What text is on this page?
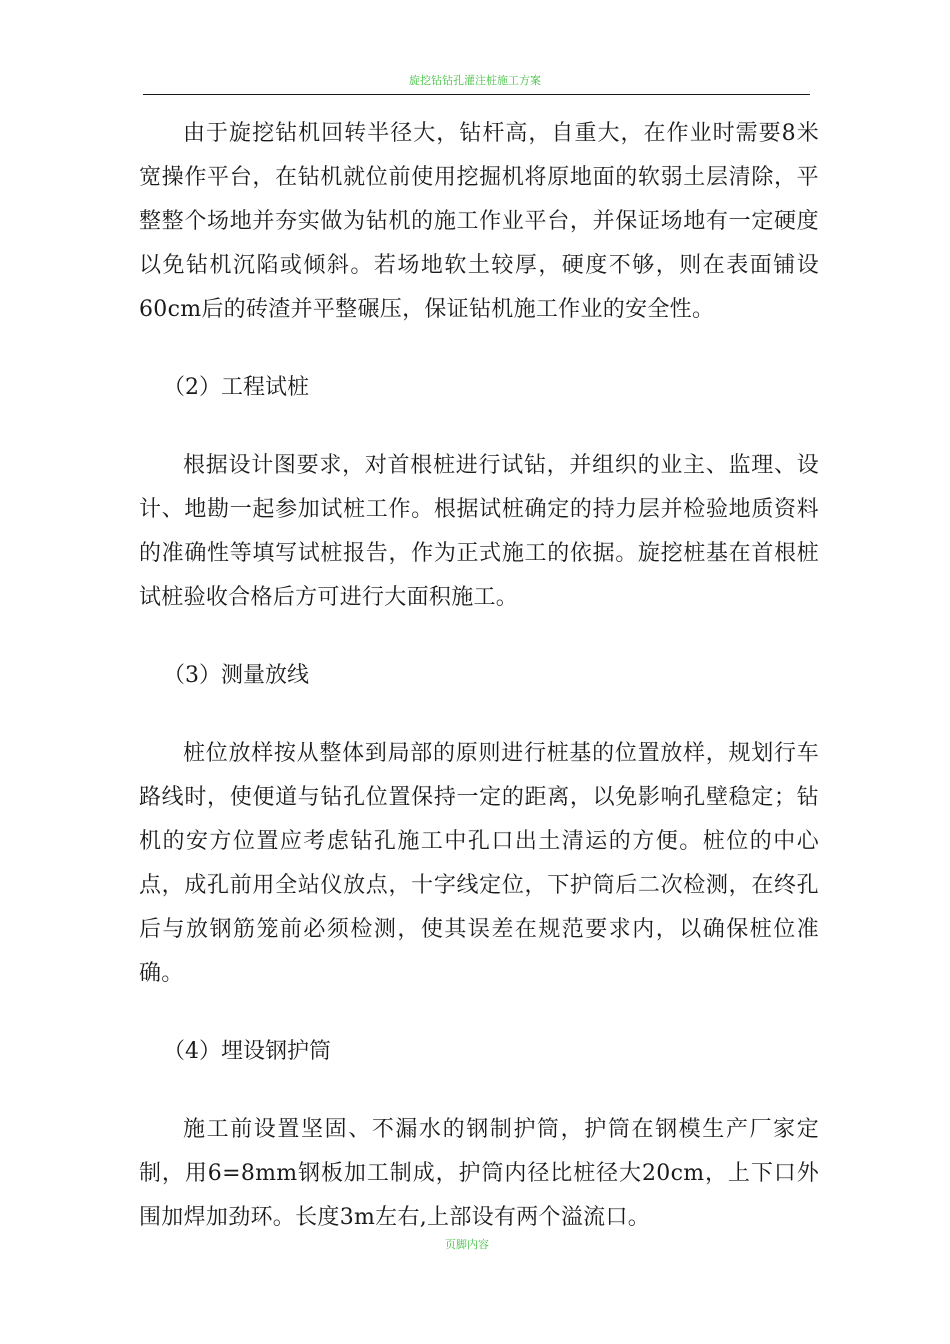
旋挖钻钻孔灌注桩施工方案

由于旋挖钻机回转半径大，钻杆高，自重大，在作业时需要8米宽操作平台，在钻机就位前使用挖掘机将原地面的软弱土层清除，平整整个场地并夯实做为钻机的施工作业平台，并保证场地有一定硬度以免钻机沉陷或倾斜。若场地软土较厚，硬度不够，则在表面铺设60cm后的砖渣并平整碾压，保证钻机施工作业的安全性。

（2）工程试桩

根据设计图要求，对首根桩进行试钻，并组织的业主、监理、设计、地勘一起参加试桩工作。根据试桩确定的持力层并检验地质资料的准确性等填写试桩报告，作为正式施工的依据。旋挖桩基在首根桩试桩验收合格后方可进行大面积施工。

（3）测量放线

桩位放样按从整体到局部的原则进行桩基的位置放样，规划行车路线时，使便道与钻孔位置保持一定的距离，以免影响孔壁稳定；钻机的安方位置应考虑钻孔施工中孔口出土清运的方便。桩位的中心点，成孔前用全站仪放点，十字线定位，下护筒后二次检测，在终孔后与放钢筋笼前必须检测，使其误差在规范要求内，以确保桩位准确。

（4）埋设钢护筒

施工前设置坚固、不漏水的钢制护筒，护筒在钢模生产厂家定制，用6=8mm钢板加工制成，护筒内径比桩径大20cm，上下口外围加焊加劲环。长度3m左右,上部设有两个溢流口。

页脚内容
